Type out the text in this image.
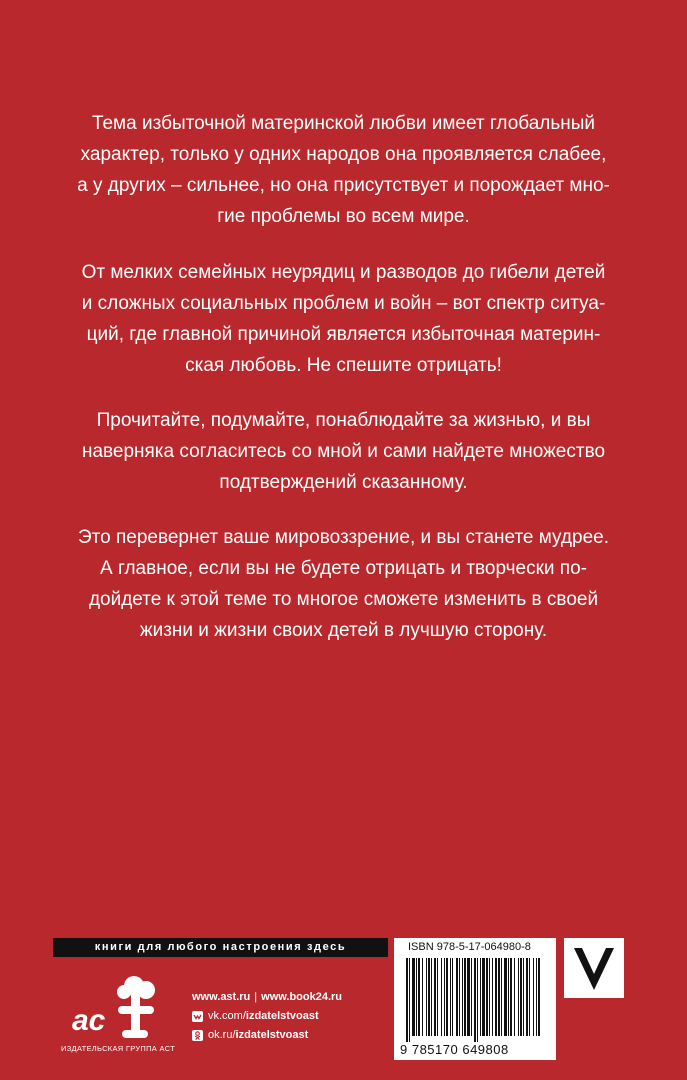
Тема избыточной материнской любви имеет глобальный
характер, только у одних народов она проявляется слабее,
а у других – сильнее, но она присутствует и порождает мно-
гие проблемы во всем мире.

От мелких семейных неурядиц и разводов до гибели детей
и сложных социальных проблем и войн – вот спектр ситуа-
ций, где главной причиной является избыточная материн-
ская любовь. Не спешите отрицать!

Прочитайте, подумайте, понаблюдайте за жизнью, и вы
наверняка согласитесь со мной и сами найдете множество
подтверждений сказанному.

Это перевернет ваше мировоззрение, и вы станете мудрее.
А главное, если вы не будете отрицать и творчески по-
дойдете к этой теме то многое сможете изменить в своей
жизни и жизни своих детей в лучшую сторону.

книги для любого настроения здесь
ac
ИЗДАТЕЛЬСКАЯ ГРУППА АСТ
www.ast.ru | www.book24.ru
vk.com/ izdatelstvoast
ok.ru/ izdatelstvoast
ISBN 978-5-17-064980-8
9 785170 649808
